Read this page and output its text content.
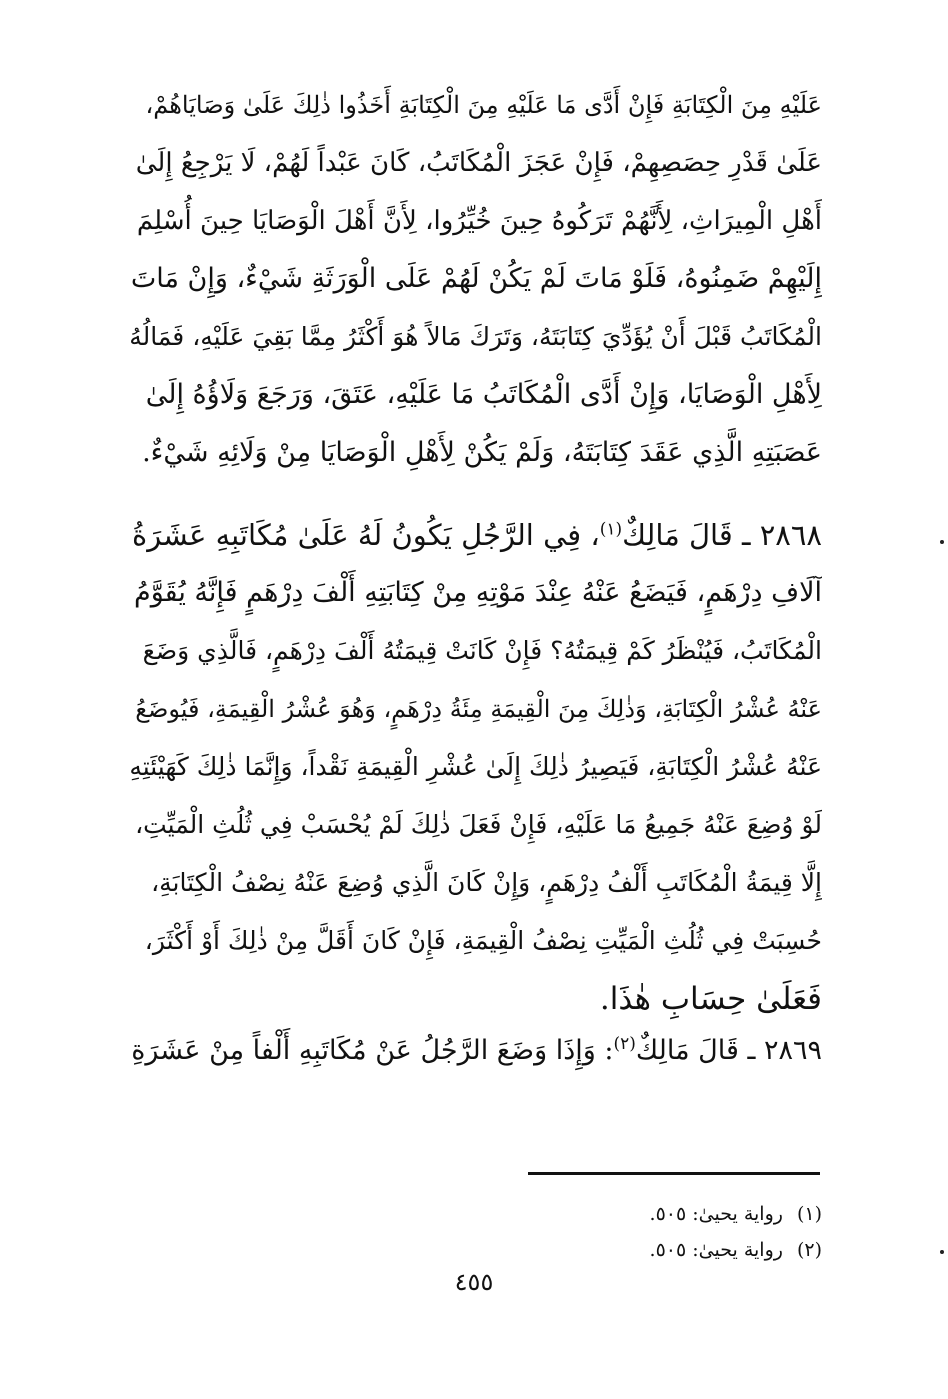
عَلَيْهِ مِنَ الْكِتَابَةِ فَإِنْ أَدَّى مَا عَلَيْهِ مِنَ الْكِتَابَةِ أَخَذُوا ذٰلِكَ عَلَىٰ وَصَايَاهُمْ،
عَلَىٰ قَدْرِ حِصَصِهِمْ، فَإِنْ عَجَزَ الْمُكَاتَبُ، كَانَ عَبْداً لَهُمْ، لَا يَرْجِعُ إِلَىٰ
أَهْلِ الْمِيرَاثِ، لِأَنَّهُمْ تَرَكُوهُ حِينَ خُيِّرُوا، لِأَنَّ أَهْلَ الْوَصَايَا حِينَ أُسْلِمَ
إِلَيْهِمْ ضَمِنُوهُ، فَلَوْ مَاتَ لَمْ يَكُنْ لَهُمْ عَلَى الْوَرَثَةِ شَيْءٌ، وَإِنْ مَاتَ
الْمُكَاتَبُ قَبْلَ أَنْ يُؤَدِّيَ كِتَابَتَهُ، وَتَرَكَ مَالاً هُوَ أَكْثَرُ مِمَّا بَقِيَ عَلَيْهِ، فَمَالُهُ
لِأَهْلِ الْوَصَايَا، وَإِنْ أَدَّى الْمُكَاتَبُ مَا عَلَيْهِ، عَتَقَ، وَرَجَعَ وَلَاؤُهُ إِلَىٰ
عَصَبَتِهِ الَّذِي عَقَدَ كِتَابَتَهُ، وَلَمْ يَكُنْ لِأَهْلِ الْوَصَايَا مِنْ وَلَائِهِ شَيْءٌ.

٢٨٦٨ ـ قَالَ مَالِكٌ$^{(١)}$، فِي الرَّجُلِ يَكُونُ لَهُ عَلَىٰ مُكَاتَبِهِ عَشَرَةُ
آلَافِ دِرْهَمٍ، فَيَضَعُ عَنْهُ عِنْدَ مَوْتِهِ مِنْ كِتَابَتِهِ أَلْفَ دِرْهَمٍ فَإِنَّهُ يُقَوَّمُ
الْمُكَاتَبُ، فَيُنْظَرُ كَمْ قِيمَتُهُ؟ فَإِنْ كَانَتْ قِيمَتُهُ أَلْفَ دِرْهَمٍ، فَالَّذِي وَضَعَ
عَنْهُ عُشْرُ الْكِتَابَةِ، وَذٰلِكَ مِنَ الْقِيمَةِ مِئَةُ دِرْهَمٍ، وَهُوَ عُشْرُ الْقِيمَةِ، فَيُوضَعُ
عَنْهُ عُشْرُ الْكِتَابَةِ، فَيَصِيرُ ذٰلِكَ إِلَىٰ عُشْرِ الْقِيمَةِ نَقْداً، وَإِنَّمَا ذٰلِكَ كَهَيْئَتِهِ
لَوْ وُضِعَ عَنْهُ جَمِيعُ مَا عَلَيْهِ، فَإِنْ فَعَلَ ذٰلِكَ لَمْ يُحْسَبْ فِي ثُلُثِ الْمَيِّتِ،
إِلَّا قِيمَةُ الْمُكَاتَبِ أَلْفُ دِرْهَمٍ، وَإِنْ كَانَ الَّذِي وُضِعَ عَنْهُ نِصْفُ الْكِتَابَةِ،
حُسِبَتْ فِي ثُلُثِ الْمَيِّتِ نِصْفُ الْقِيمَةِ، فَإِنْ كَانَ أَقَلَّ مِنْ ذٰلِكَ أَوْ أَكْثَرَ،
فَعَلَىٰ حِسَابِ هٰذَا.

٢٨٦٩ ـ قَالَ مَالِكٌ$^{(٢)}$: وَإِذَا وَضَعَ الرَّجُلُ عَنْ مُكَاتَبِهِ أَلْفاً مِنْ عَشَرَةِ

(١)رواية يحيىٰ: ٥٠٥.
(٢)رواية يحيىٰ: ٥٠٥.
٤٥٥
